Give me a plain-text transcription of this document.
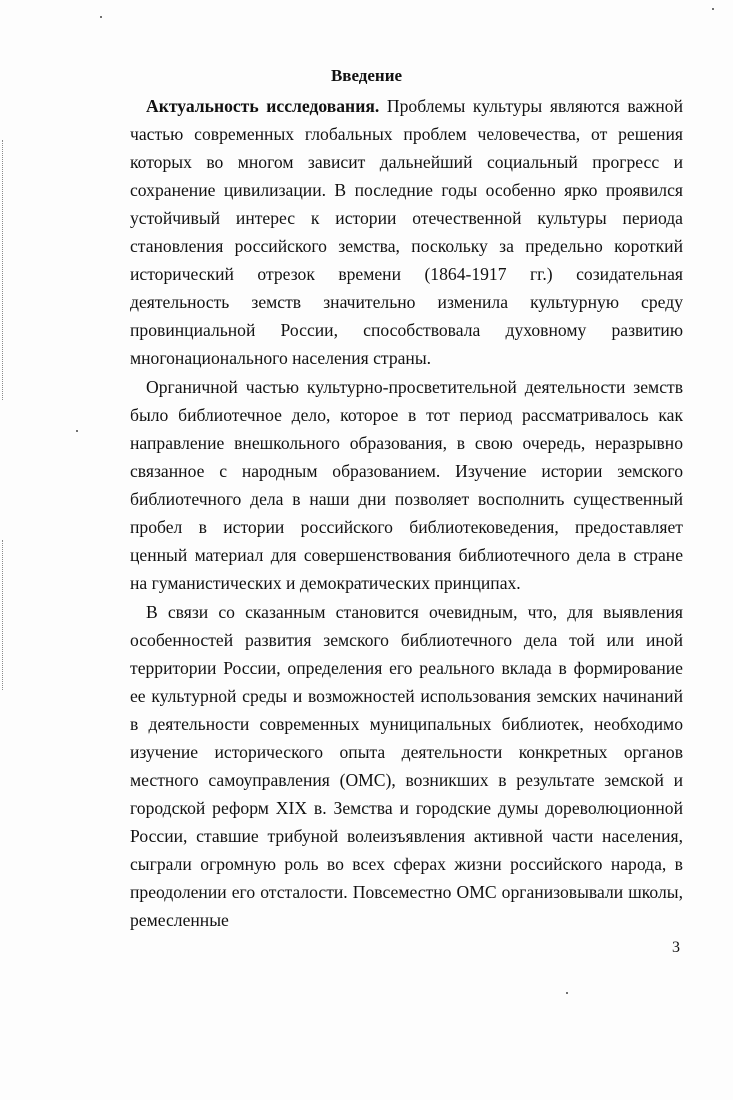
Введение

Актуальность исследования. Проблемы культуры являются важной частью современных глобальных проблем человечества, от решения которых во многом зависит дальнейший социальный прогресс и сохранение цивилизации. В последние годы особенно ярко проявился устойчивый интерес к истории отечественной культуры периода становления российского земства, поскольку за предельно короткий исторический отрезок времени (1864-1917 гг.) созидательная деятельность земств значительно изменила культурную среду провинциальной России, способствовала духовному развитию многонационального населения страны.

Органичной частью культурно-просветительной деятельности земств было библиотечное дело, которое в тот период рассматривалось как направление внешкольного образования, в свою очередь, неразрывно связанное с народным образованием. Изучение истории земского библиотечного дела в наши дни позволяет восполнить существенный пробел в истории российского библиотековедения, предоставляет ценный материал для совершенствования библиотечного дела в стране на гуманистических и демократических принципах.

В связи со сказанным становится очевидным, что, для выявления особенностей развития земского библиотечного дела той или иной территории России, определения его реального вклада в формирование ее культурной среды и возможностей использования земских начинаний в деятельности современных муниципальных библиотек, необходимо изучение исторического опыта деятельности конкретных органов местного самоуправления (ОМС), возникших в результате земской и городской реформ XIX в. Земства и городские думы дореволюционной России, ставшие трибуной волеизъявления активной части населения, сыграли огромную роль во всех сферах жизни российского народа, в преодолении его отсталости. Повсеместно ОМС организовывали школы, ремесленные

3
